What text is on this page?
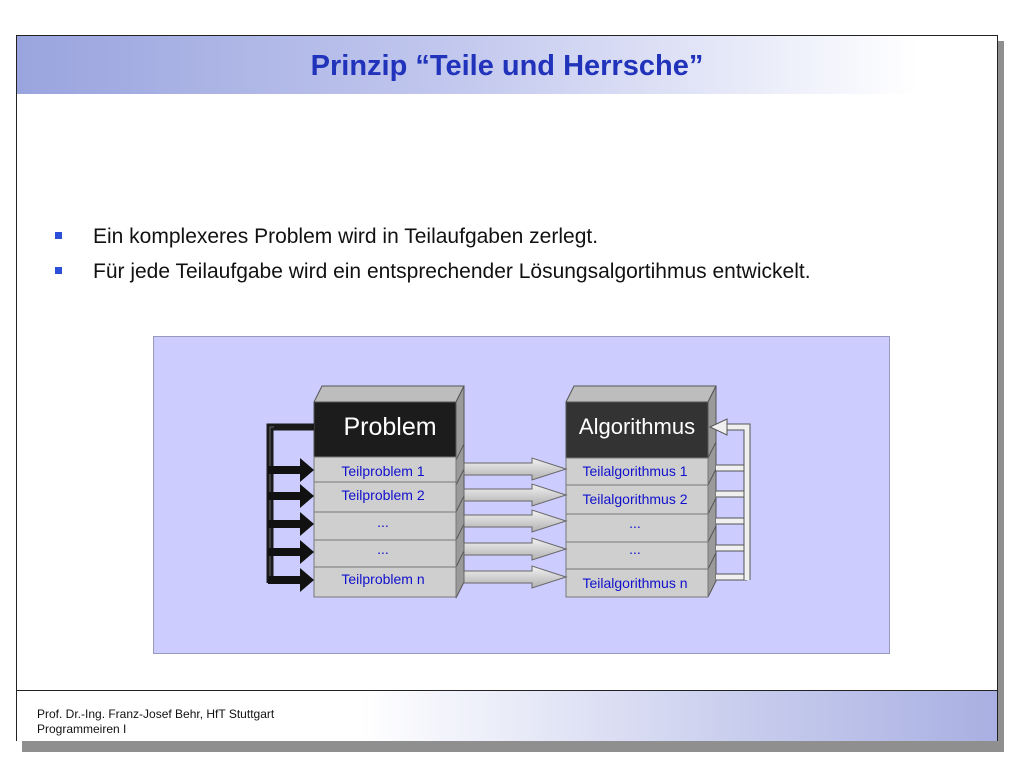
Prinzip “Teile und Herrsche”
Ein komplexeres Problem wird in Teilaufgaben zerlegt.
Für jede Teilaufgabe wird ein entsprechender Lösungsalgortihmus entwickelt.
Problem
Teilproblem 1
Teilproblem 2
...
...
Teilproblem n
Algorithmus
Teilalgorithmus 1
Teilalgorithmus 2
...
...
Teilalgorithmus n
Prof. Dr.-Ing. Franz-Josef Behr, HfT Stuttgart
Programmeiren I
